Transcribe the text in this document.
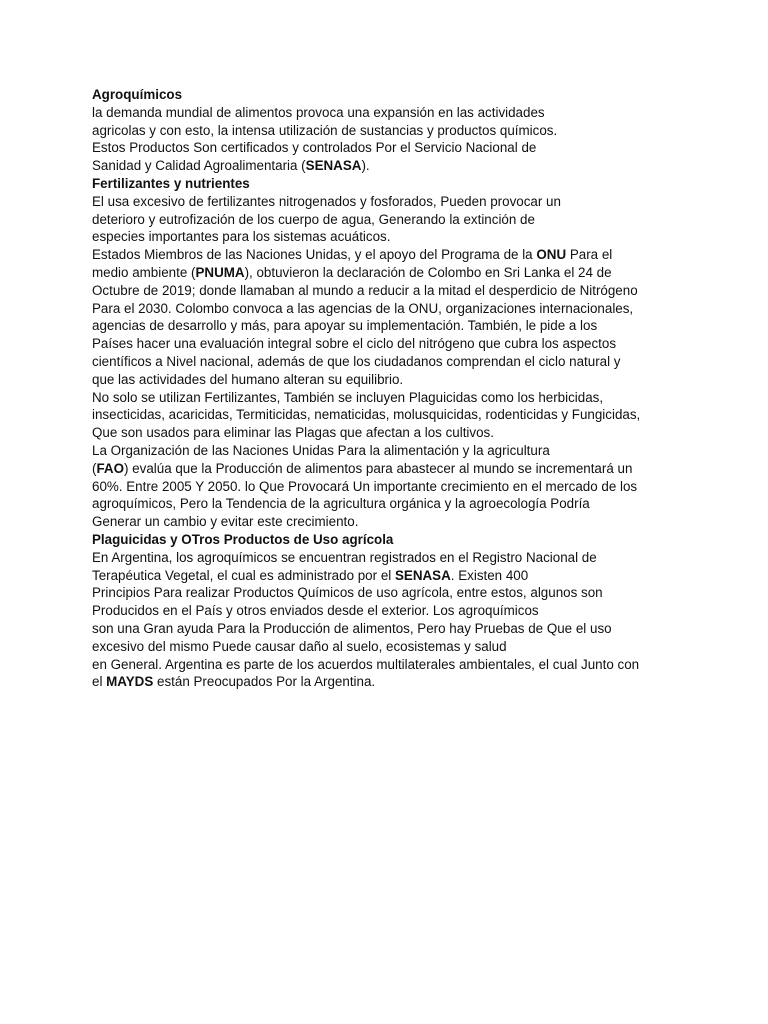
Agroquímicos
la demanda mundial de alimentos provoca una expansión en las actividades
agricolas y con esto, la intensa utilización de sustancias y productos químicos.
Estos Productos Son certificados y controlados Por el Servicio Nacional de
Sanidad y Calidad Agroalimentaria (SENASA).
Fertilizantes y nutrientes
El usa excesivo de fertilizantes nitrogenados y fosforados, Pueden provocar un
deterioro y eutrofización de los cuerpo de agua, Generando la extinción de
especies importantes para los sistemas acuáticos.
Estados Miembros de las Naciones Unidas, y el apoyo del Programa de la ONU Para el
medio ambiente (PNUMA), obtuvieron la declaración de Colombo en Sri Lanka el 24 de
Octubre de 2019; donde llamaban al mundo a reducir a la mitad el desperdicio de Nitrógeno
Para el 2030. Colombo convoca a las agencias de la ONU, organizaciones internacionales,
agencias de desarrollo y más, para apoyar su implementación. También, le pide a los
Países hacer una evaluación integral sobre el ciclo del nitrógeno que cubra los aspectos
científicos a Nivel nacional, además de que los ciudadanos comprendan el ciclo natural y
que las actividades del humano alteran su equilibrio.
No solo se utilizan Fertilizantes, También se incluyen Plaguicidas como los herbicidas,
insecticidas, acaricidas, Termiticidas, nematicidas, molusquicidas, rodenticidas y Fungicidas,
Que son usados para eliminar las Plagas que afectan a los cultivos.
La Organización de las Naciones Unidas Para la alimentación y la agricultura
(FAO) evalúa que la Producción de alimentos para abastecer al mundo se incrementará un
60%. Entre 2005 Y 2050. lo Que Provocará Un importante crecimiento en el mercado de los
agroquímicos, Pero la Tendencia de la agricultura orgánica y la agroecología Podría
Generar un cambio y evitar este crecimiento.
Plaguicidas y OTros Productos de Uso agrícola
En Argentina, los agroquímicos se encuentran registrados en el Registro Nacional de
Terapéutica Vegetal, el cual es administrado por el SENASA. Existen 400
Principios Para realizar Productos Químicos de uso agrícola, entre estos, algunos son
Producidos en el País y otros enviados desde el exterior. Los agroquímicos
son una Gran ayuda Para la Producción de alimentos, Pero hay Pruebas de Que el uso
excesivo del mismo Puede causar daño al suelo, ecosistemas y salud
en General. Argentina es parte de los acuerdos multilaterales ambientales, el cual Junto con
el MAYDS están Preocupados Por la Argentina.
